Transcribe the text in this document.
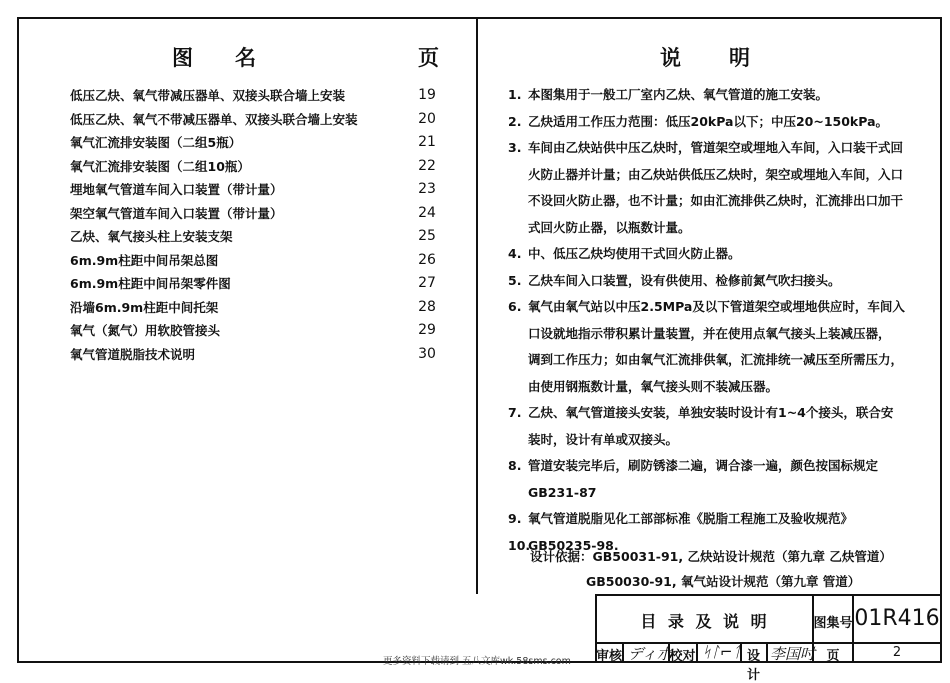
图　　名	页
低压乙炔、氧气带减压器单、双接头联合墙上安装	19
低压乙炔、氧气不带减压器单、双接头联合墙上安装	20
氧气汇流排安装图（二组5瓶）	21
氧气汇流排安装图（二组10瓶）	22
埋地氧气管道车间入口装置（带计量）	23
架空氧气管道车间入口装置（带计量）	24
乙炔、氧气接头柱上安装支架	25
6m.9m柱距中间吊架总图	26
6m.9m柱距中间吊架零件图	27
沿墙6m.9m柱距中间托架	28
氧气（氮气）用软胶管接头	29
氧气管道脱脂技术说明	30
说　　明
1. 本图集用于一般工厂室内乙炔、氧气管道的施工安装。
2. 乙炔适用工作压力范围：低压20kPa以下；中压20~150kPa。
3. 车间由乙炔站供中压乙炔时，管道架空或埋地入车间，入口装干式回
火防止器并计量；由乙炔站供低压乙炔时，架空或埋地入车间，入口
不设回火防止器，也不计量；如由汇流排供乙炔时，汇流排出口加干
式回火防止器，以瓶数计量。
4. 中、低压乙炔均使用干式回火防止器。
5. 乙炔车间入口装置，设有供使用、检修前氮气吹扫接头。
6. 氧气由氧气站以中压2.5MPa及以下管道架空或埋地供应时，车间入
口设就地指示带积累计量装置，并在使用点氧气接头上装减压器，
调到工作压力；如由氧气汇流排供氧，汇流排统一减压至所需压力，
由使用钢瓶数计量，氧气接头则不装减压器。
7. 乙炔、氧气管道接头安装，单独安装时设计有1~4个接头，联合安
装时，设计有单或双接头。
8. 管道安装完毕后，刷防锈漆二遍，调合漆一遍，颜色按国标规定
GB231-87
9. 氧气管道脱脂见化工部部标准《脱脂工程施工及验收规范》
10.GB50235-98.
设计依据：GB50031-91, 乙炔站设计规范（第九章 乙炔管道）
GB50030-91, 氧气站设计规范（第九章 管道）
目 录 及 说 明	图集号 01R416
审核 ディ朩
校对 ᛋᛚ⌐ᛏ 设计
李国吋 页	2
更多资料下载请到 五八文库wk.58sms.com
